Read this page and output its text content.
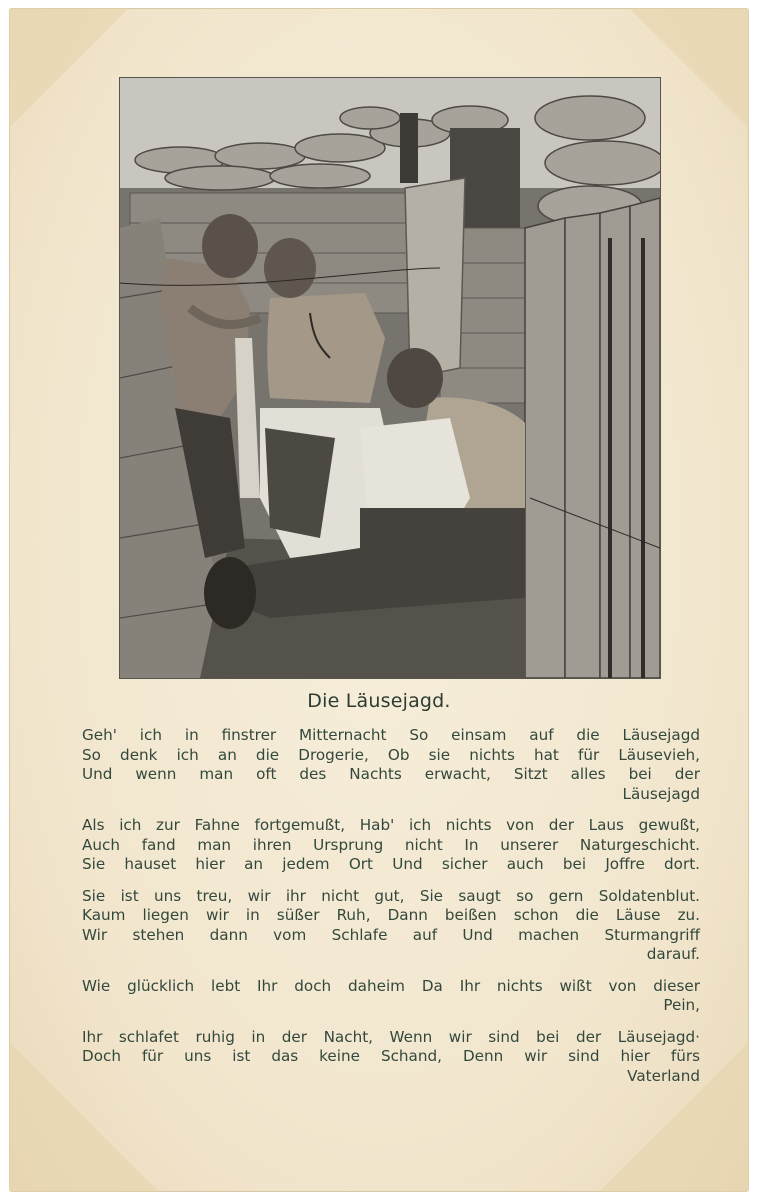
Die Läusejagd.
Geh' ich in finstrer Mitternacht So einsam auf die Läusejagd
So denk ich an die Drogerie, Ob sie nichts hat für Läusevieh,
Und wenn man oft des Nachts erwacht, Sitzt alles bei der
Läusejagd
Als ich zur Fahne fortgemußt, Hab' ich nichts von der Laus gewußt,
Auch fand man ihren Ursprung nicht In unserer Naturgeschicht.
Sie hauset hier an jedem Ort Und sicher auch bei Joffre dort.
Sie ist uns treu, wir ihr nicht gut, Sie saugt so gern Soldatenblut.
Kaum liegen wir in süßer Ruh, Dann beißen schon die Läuse zu.
Wir stehen dann vom Schlafe auf Und machen Sturmangriff
darauf.
Wie glücklich lebt Ihr doch daheim Da Ihr nichts wißt von dieser
Pein,
Ihr schlafet ruhig in der Nacht, Wenn wir sind bei der Läusejagd·
Doch für uns ist das keine Schand, Denn wir sind hier fürs
Vaterland
